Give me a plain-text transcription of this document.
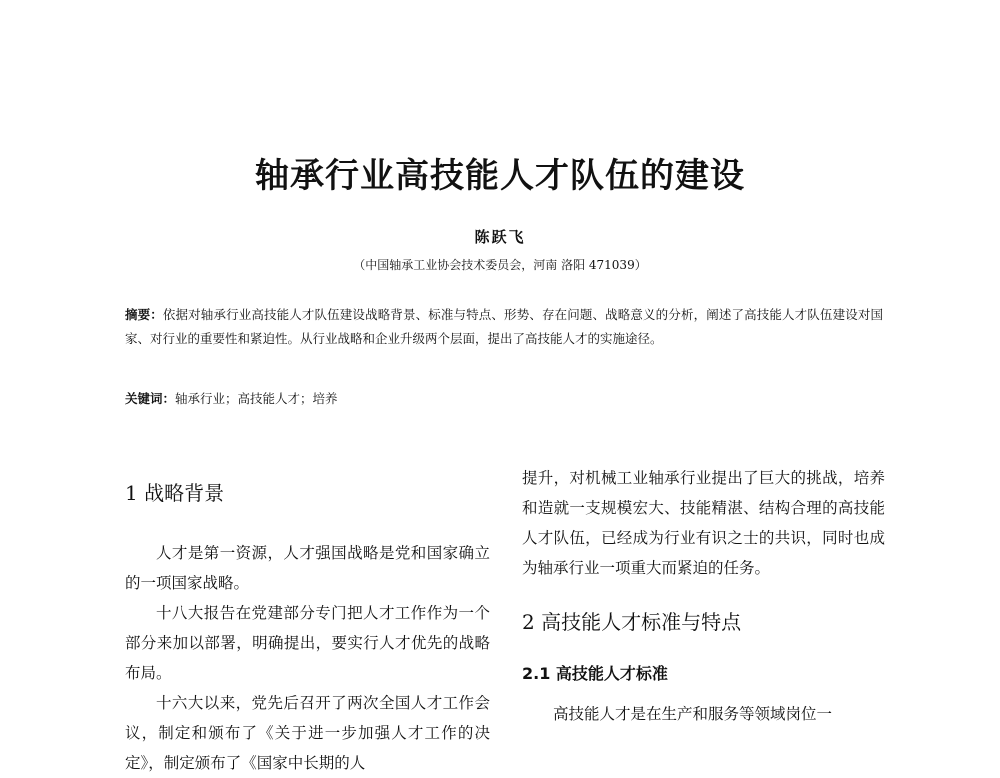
轴承行业高技能人才队伍的建设
陈跃飞
（中国轴承工业协会技术委员会，河南 洛阳 471039）

摘要：依据对轴承行业高技能人才队伍建设战略背景、标准与特点、形势、存在问题、战略意义的分析，阐述了高技能人才队伍建设对国家、对行业的重要性和紧迫性。从行业战略和企业升级两个层面，提出了高技能人才的实施途径。

关键词：轴承行业；高技能人才；培养

1 战略背景

人才是第一资源，人才强国战略是党和国家确立的一项国家战略。

十八大报告在党建部分专门把人才工作作为一个部分来加以部署，明确提出，要实行人才优先的战略布局。

十六大以来，党先后召开了两次全国人才工作会议，制定和颁布了《关于进一步加强人才工作的决定》，制定颁布了《国家中长期的人

提升，对机械工业轴承行业提出了巨大的挑战，培养和造就一支规模宏大、技能精湛、结构合理的高技能人才队伍，已经成为行业有识之士的共识，同时也成为轴承行业一项重大而紧迫的任务。

2 高技能人才标准与特点
2.1 高技能人才标准

高技能人才是在生产和服务等领域岗位一
